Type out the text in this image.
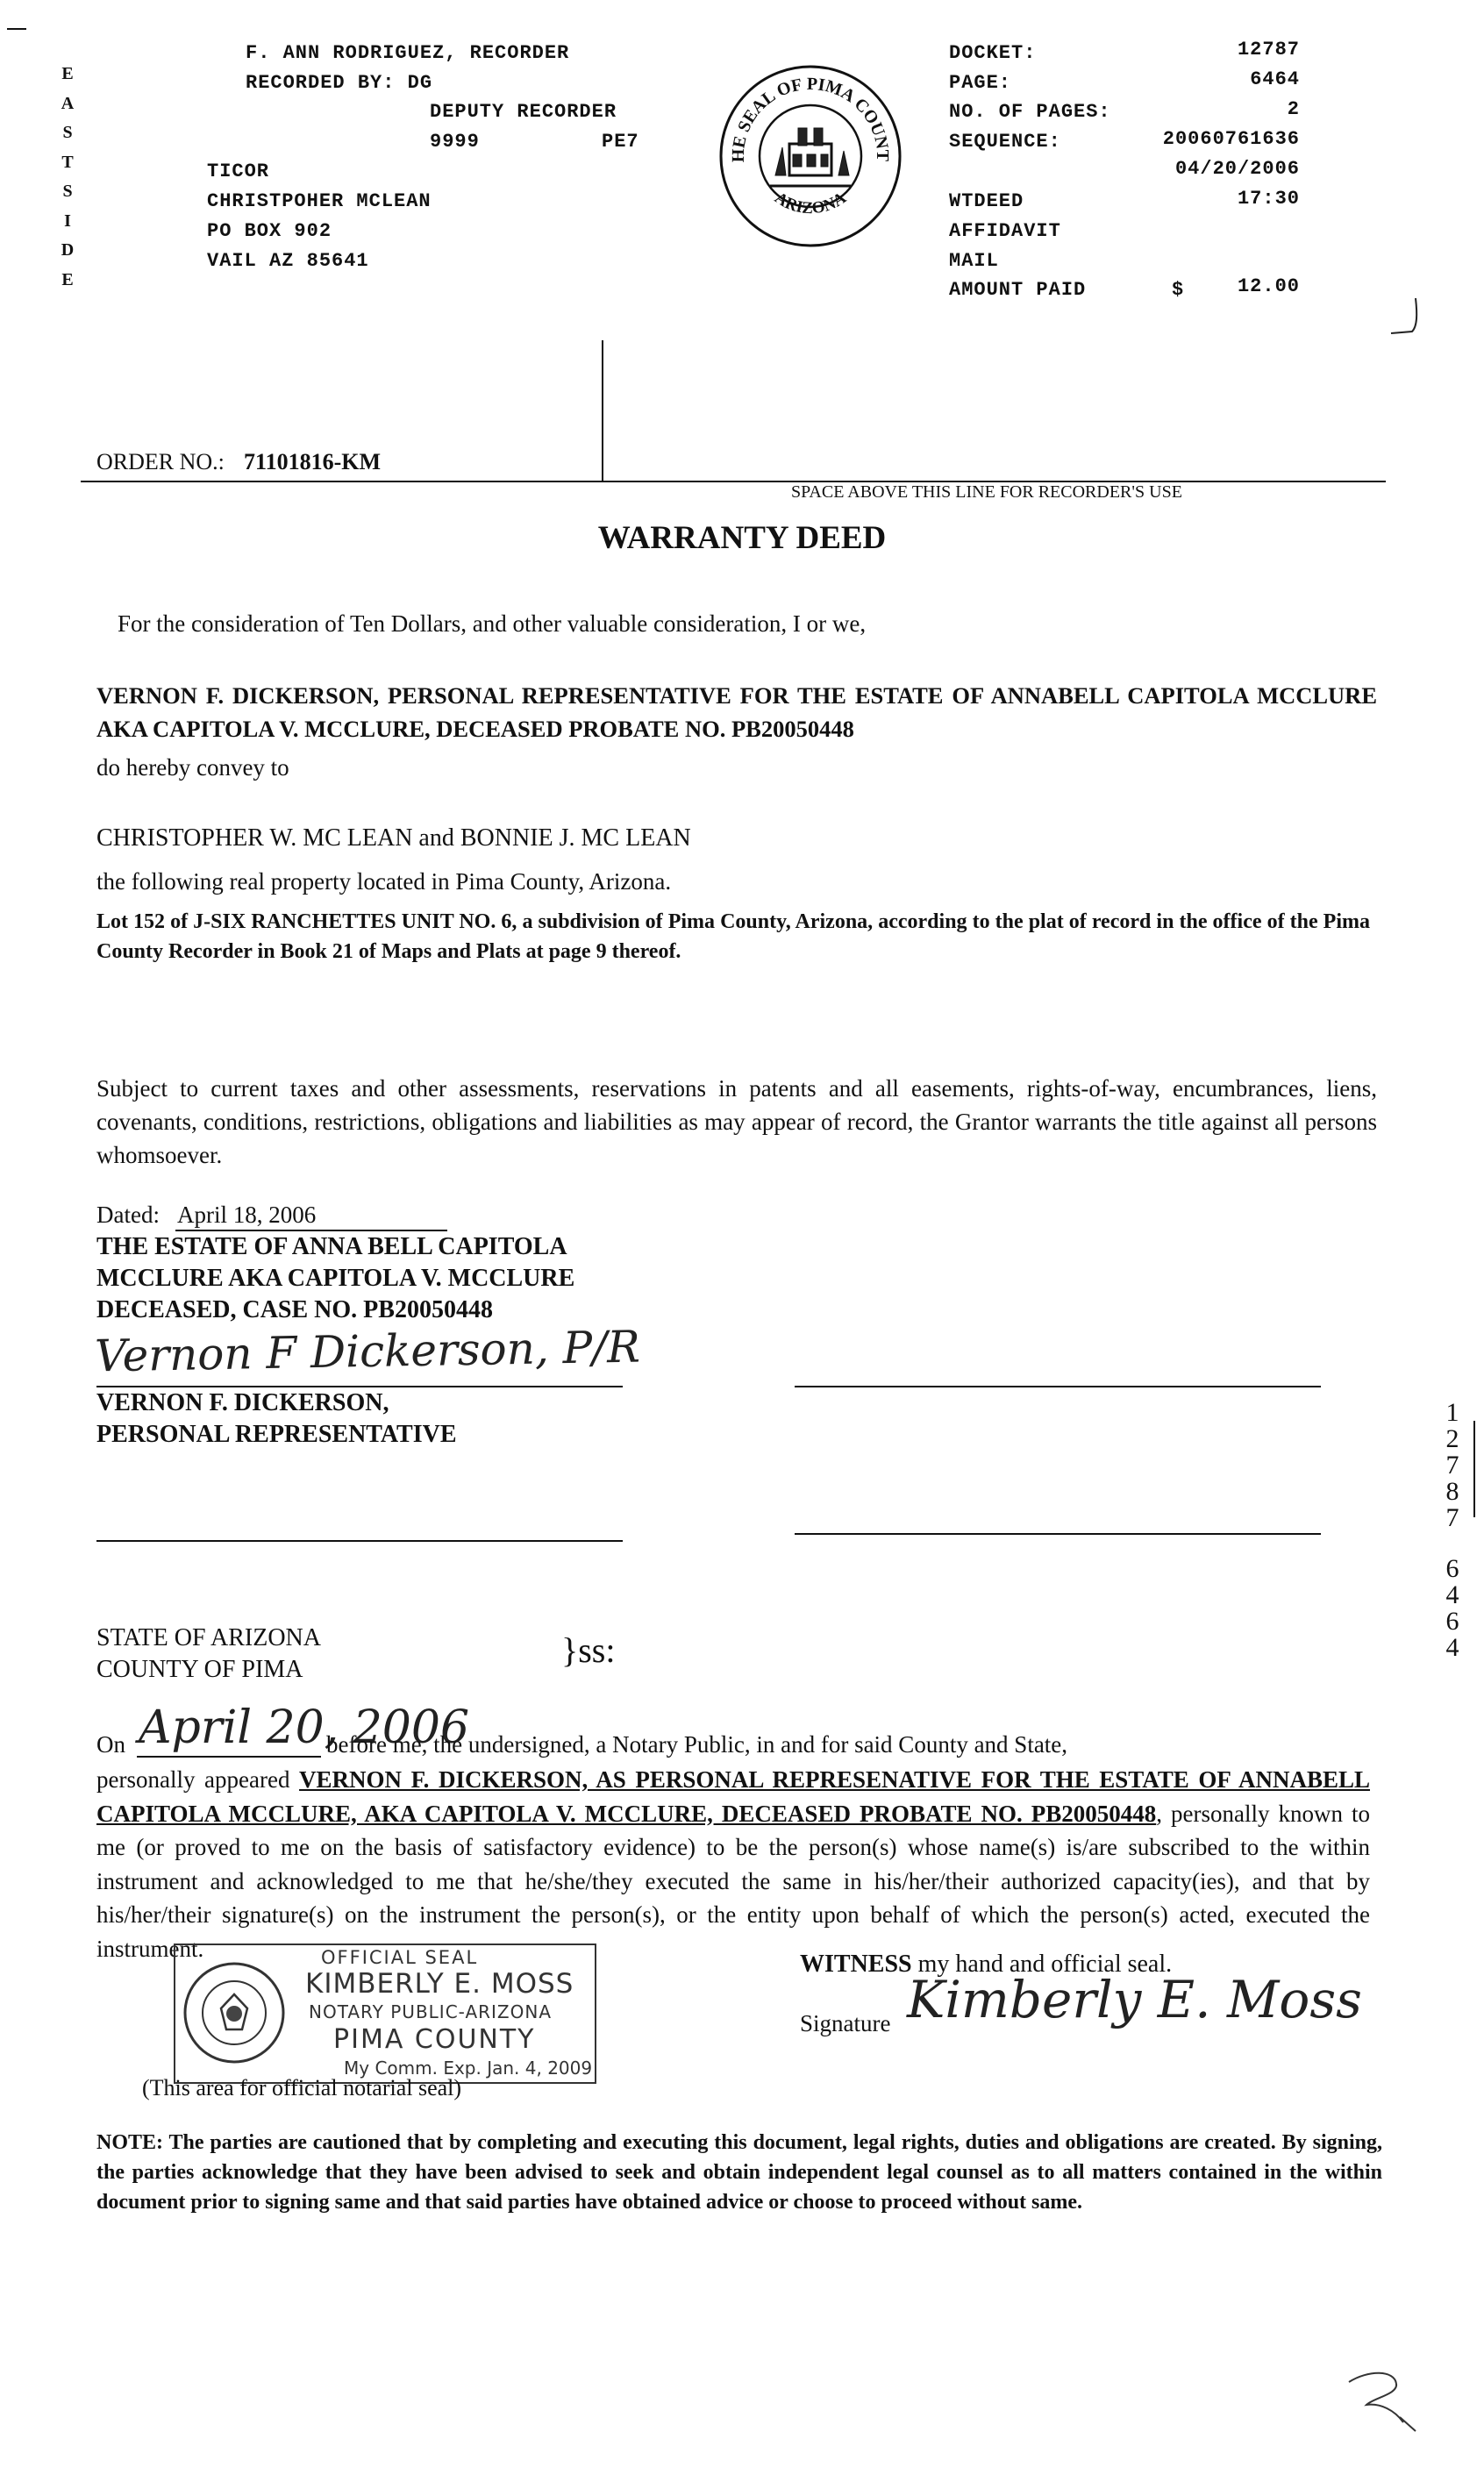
E
A
S
T
S
I
D
E
F. ANN RODRIGUEZ, RECORDER
RECORDED BY: DG
DEPUTY RECORDER
9999	PE7
TICOR
CHRISTPOHER MCLEAN
PO BOX 902
VAIL AZ 85641
HE SEAL OF PIMA COUNT
ARIZONA
DOCKET:	12787
PAGE:	6464
NO. OF PAGES:	2
SEQUENCE:	20060761636
04/20/2006
WTDEED	17:30
AFFIDAVIT
MAIL
AMOUNT PAID	$	12.00
ORDER NO.: 71101816-KM
SPACE ABOVE THIS LINE FOR RECORDER'S USE
WARRANTY DEED
For the consideration of Ten Dollars, and other valuable consideration, I or we,
VERNON F. DICKERSON, PERSONAL REPRESENTATIVE FOR THE ESTATE OF ANNABELL CAPITOLA MCCLURE AKA CAPITOLA V. MCCLURE, DECEASED PROBATE NO. PB20050448
do hereby convey to
CHRISTOPHER W. MC LEAN and BONNIE J. MC LEAN
the following real property located in Pima County, Arizona.
Lot 152 of J-SIX RANCHETTES UNIT NO. 6, a subdivision of Pima County, Arizona, according to the plat of record in the office of the Pima County Recorder in Book 21 of Maps and Plats at page 9 thereof.
Subject to current taxes and other assessments, reservations in patents and all easements, rights-of-way, encumbrances, liens, covenants, conditions, restrictions, obligations and liabilities as may appear of record, the Grantor warrants the title against all persons whomsoever.
Dated: April 18, 2006
THE ESTATE OF ANNA BELL CAPITOLA
MCCLURE AKA CAPITOLA V. MCCLURE
DECEASED, CASE NO. PB20050448
Vernon F Dickerson, P/R
VERNON F. DICKERSON,
PERSONAL REPRESENTATIVE
1
2
7
8
7
6
4
6
4
STATE OF ARIZONA
COUNTY OF PIMA	}ss:
On April 20, 2006
before me, the undersigned, a Notary Public, in and for said County and State,
personally appeared VERNON F. DICKERSON, AS PERSONAL REPRESENATIVE FOR THE ESTATE OF ANNABELL CAPITOLA MCCLURE, AKA CAPITOLA V. MCCLURE, DECEASED PROBATE NO. PB20050448, personally known to me (or proved to me on the basis of satisfactory evidence) to be the person(s) whose name(s) is/are subscribed to the within instrument and acknowledged to me that he/she/they executed the same in his/her/their authorized capacity(ies), and that by his/her/their signature(s) on the instrument the person(s), or the entity upon behalf of which the person(s) acted, executed the instrument.	OFFICIAL SEAL
KIMBERLY E. MOSS
NOTARY PUBLIC-ARIZONA
PIMA COUNTY
My Comm. Exp. Jan. 4, 2009
(This area for official notarial seal)
WITNESS my hand and official seal.
Signature Kimberly E. Moss
NOTE: The parties are cautioned that by completing and executing this document, legal rights, duties and obligations are created. By signing, the parties acknowledge that they have been advised to seek and obtain independent legal counsel as to all matters contained in the within document prior to signing same and that said parties have obtained advice or choose to proceed without same.
